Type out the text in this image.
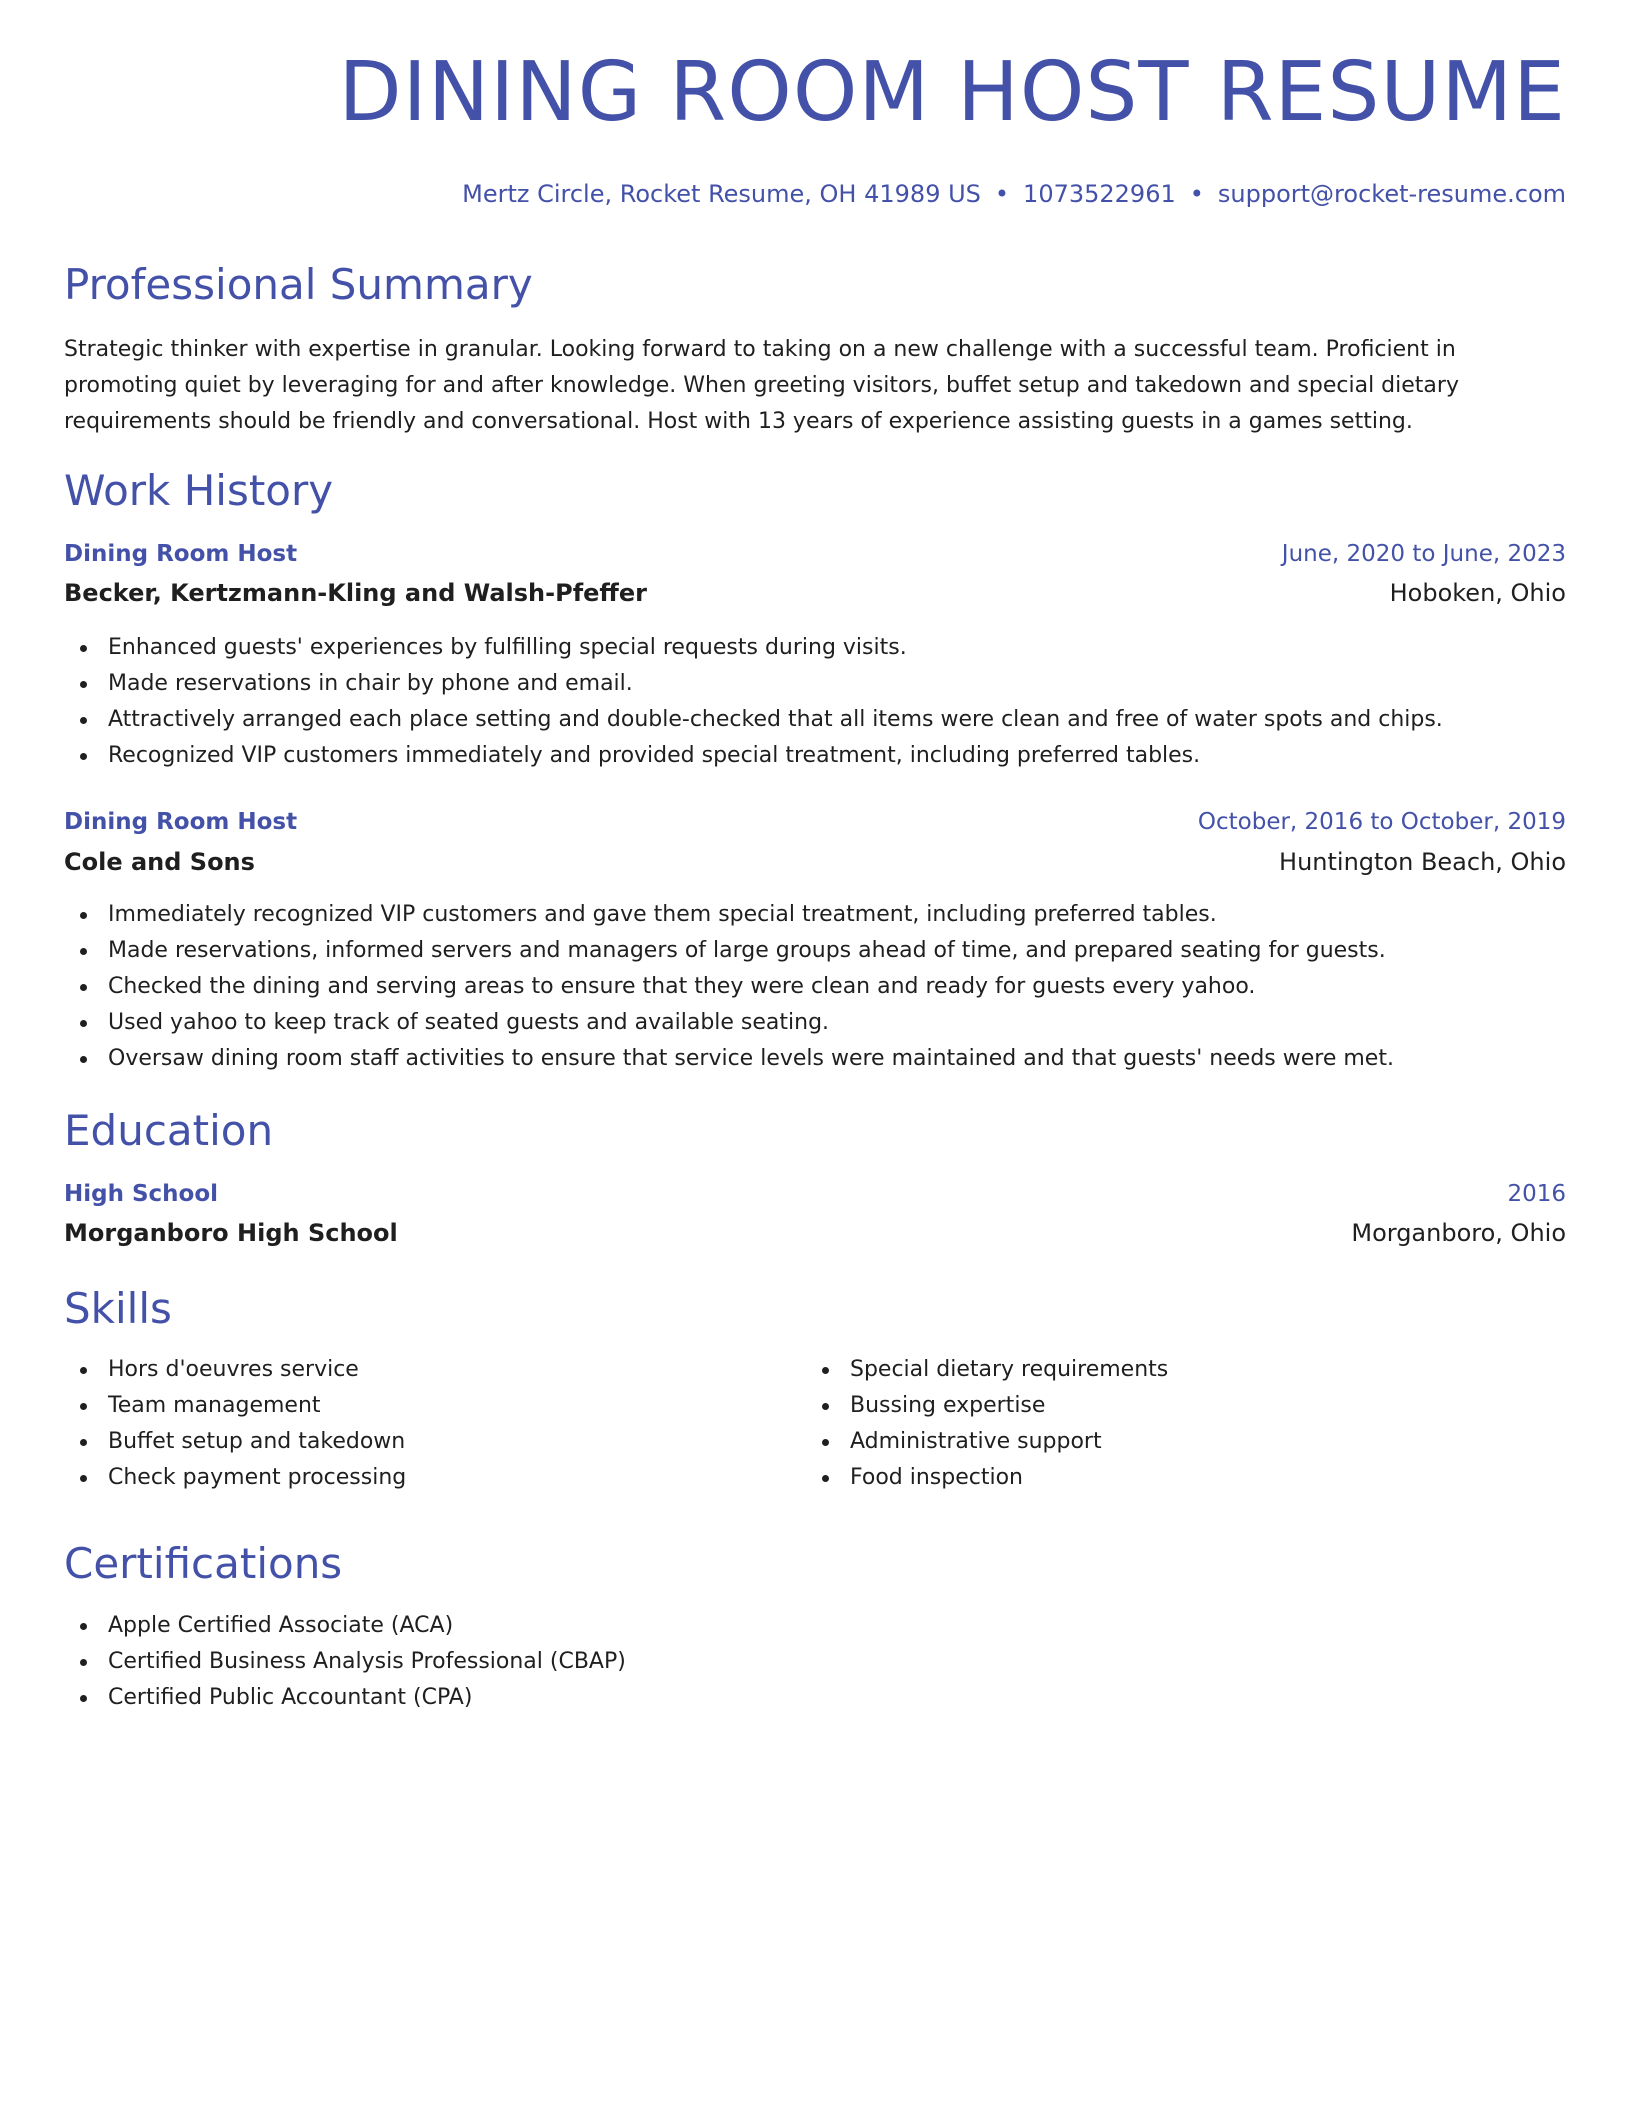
DINING ROOM HOST RESUME
Mertz Circle, Rocket Resume, OH 41989 US • 1073522961 • support@rocket-resume.com
Professional Summary

Strategic thinker with expertise in granular. Looking forward to taking on a new challenge with a successful team. Proficient in promoting quiet by leveraging for and after knowledge. When greeting visitors, buffet setup and takedown and special dietary requirements should be friendly and conversational. Host with 13 years of experience assisting guests in a games setting.

Work History
Dining Room Host	June, 2020 to June, 2023
Becker, Kertzmann-Kling and Walsh-Pfeffer	Hoboken, Ohio
Enhanced guests' experiences by fulfilling special requests during visits.
Made reservations in chair by phone and email.
Attractively arranged each place setting and double-checked that all items were clean and free of water spots and chips.
Recognized VIP customers immediately and provided special treatment, including preferred tables.
Dining Room Host	October, 2016 to October, 2019
Cole and Sons	Huntington Beach, Ohio
Immediately recognized VIP customers and gave them special treatment, including preferred tables.
Made reservations, informed servers and managers of large groups ahead of time, and prepared seating for guests.
Checked the dining and serving areas to ensure that they were clean and ready for guests every yahoo.
Used yahoo to keep track of seated guests and available seating.
Oversaw dining room staff activities to ensure that service levels were maintained and that guests' needs were met.
Education
High School	2016
Morganboro High School	Morganboro, Ohio
Skills
Hors d'oeuvres service
Team management
Buffet setup and takedown
Check payment processing
Special dietary requirements
Bussing expertise
Administrative support
Food inspection
Certifications
Apple Certified Associate (ACA)
Certified Business Analysis Professional (CBAP)
Certified Public Accountant (CPA)
